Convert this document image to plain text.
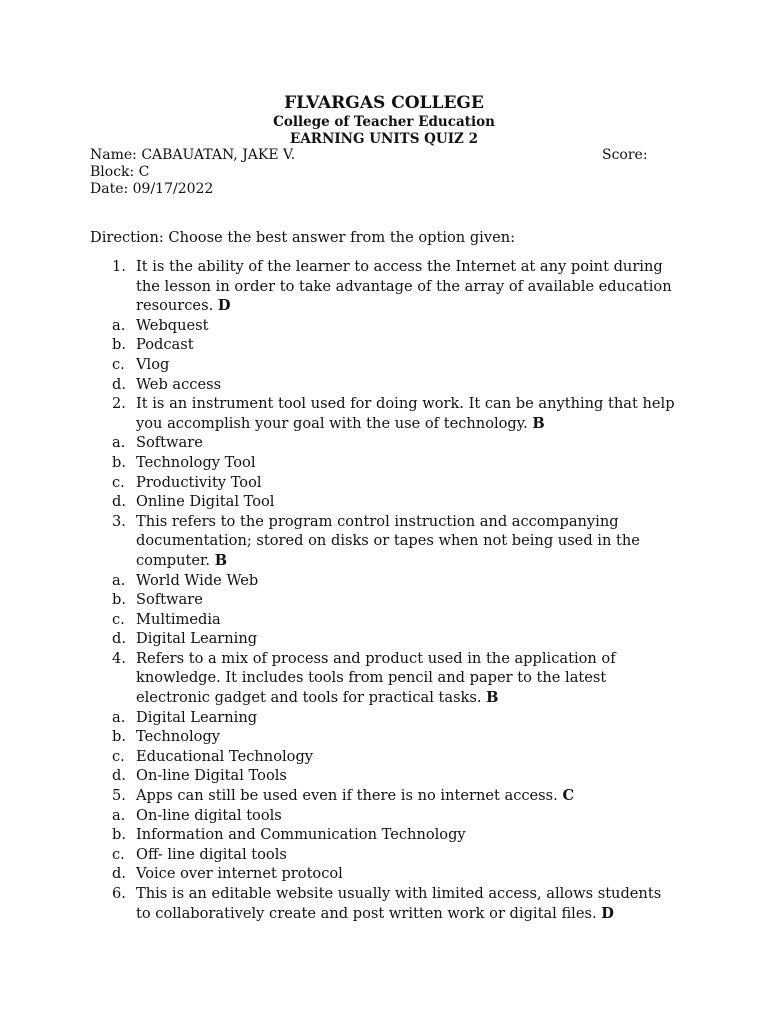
FLVARGAS COLLEGE
College of Teacher Education
EARNING UNITS QUIZ 2
Name: CABAUATAN, JAKE V.	Score:
Block: C
Date: 09/17/2022
Direction: Choose the best answer from the option given:
1. It is the ability of the learner to access the Internet at any point during
the lesson in order to take advantage of the array of available education
resources. D
a. Webquest
b. Podcast
c. Vlog
d. Web access
2. It is an instrument tool used for doing work. It can be anything that help
you accomplish your goal with the use of technology. B
a. Software
b. Technology Tool
c. Productivity Tool
d. Online Digital Tool
3. This refers to the program control instruction and accompanying
documentation; stored on disks or tapes when not being used in the
computer. B
a. World Wide Web
b. Software
c. Multimedia
d. Digital Learning
4. Refers to a mix of process and product used in the application of
knowledge. It includes tools from pencil and paper to the latest
electronic gadget and tools for practical tasks. B
a. Digital Learning
b. Technology
c. Educational Technology
d. On-line Digital Tools
5. Apps can still be used even if there is no internet access. C
a. On-line digital tools
b. Information and Communication Technology
c. Off- line digital tools
d. Voice over internet protocol
6. This is an editable website usually with limited access, allows students
to collaboratively create and post written work or digital files. D
